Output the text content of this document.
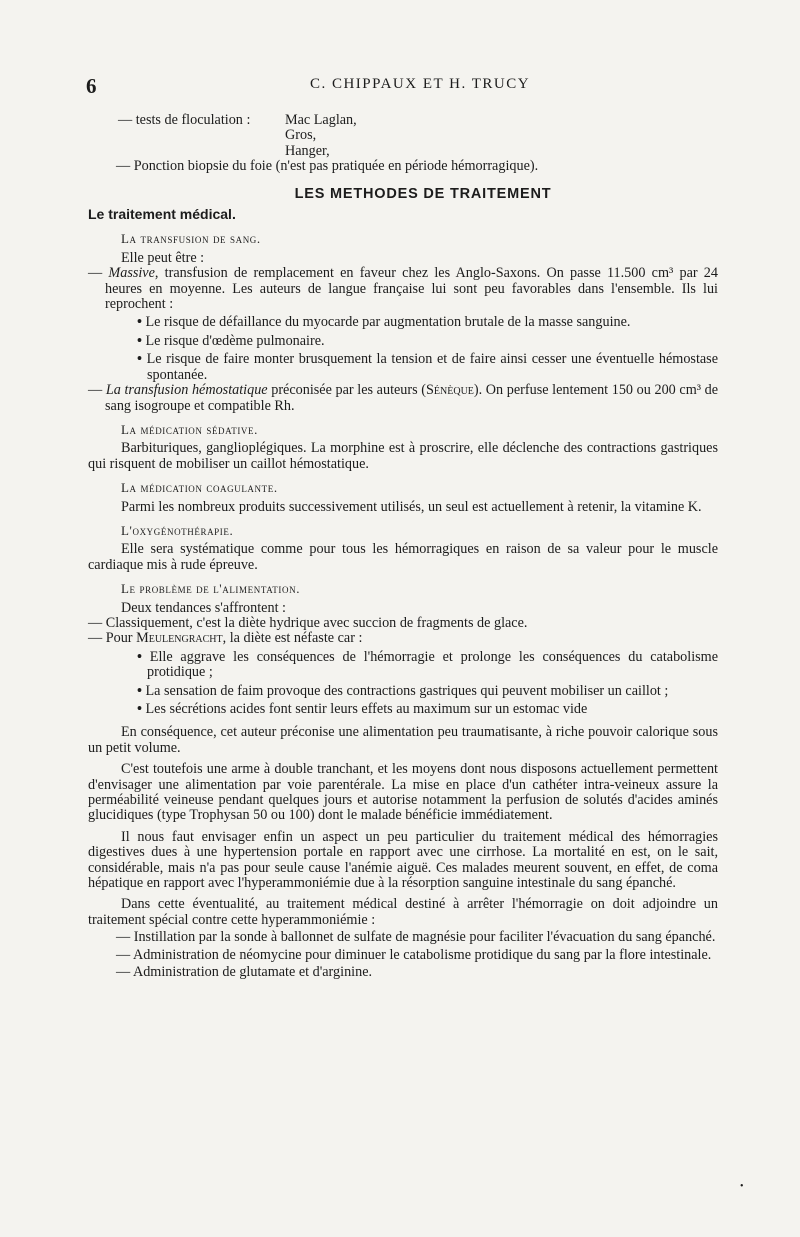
6	C. CHIPPAUX ET H. TRUCY
— tests de floculation :	Mac Laglan,
Gros,
Hanger,

— Ponction biopsie du foie (n'est pas pratiquée en période hémorragique).

LES METHODES DE TRAITEMENT
Le traitement médical.
La transfusion de sang.

Elle peut être :

— Massive, transfusion de remplacement en faveur chez les Anglo-Saxons. On passe 11.500 cm³ par 24 heures en moyenne. Les auteurs de langue française lui sont peu favorables dans l'ensemble. Ils lui reprochent :

• Le risque de défaillance du myocarde par augmentation brutale de la masse sanguine.

• Le risque d'œdème pulmonaire.

• Le risque de faire monter brusquement la tension et de faire ainsi cesser une éventuelle hémostase spontanée.

— La transfusion hémostatique préconisée par les auteurs (Sénèque). On perfuse lentement 150 ou 200 cm³ de sang isogroupe et compatible Rh.

La médication sédative.

Barbituriques, ganglioplégiques. La morphine est à proscrire, elle déclenche des contractions gastriques qui risquent de mobiliser un caillot hémostatique.

La médication coagulante.

Parmi les nombreux produits successivement utilisés, un seul est actuellement à retenir, la vitamine K.

L'oxygénothérapie.

Elle sera systématique comme pour tous les hémorragiques en raison de sa valeur pour le muscle cardiaque mis à rude épreuve.

Le problème de l'alimentation.

Deux tendances s'affrontent :

— Classiquement, c'est la diète hydrique avec succion de fragments de glace.

— Pour Meulengracht, la diète est néfaste car :

• Elle aggrave les conséquences de l'hémorragie et prolonge les conséquences du catabolisme protidique ;

• La sensation de faim provoque des contractions gastriques qui peuvent mobiliser un caillot ;

• Les sécrétions acides font sentir leurs effets au maximum sur un estomac vide

En conséquence, cet auteur préconise une alimentation peu traumatisante, à riche pouvoir calorique sous un petit volume.

C'est toutefois une arme à double tranchant, et les moyens dont nous disposons actuellement permettent d'envisager une alimentation par voie parentérale. La mise en place d'un cathéter intra-veineux assure la perméabilité veineuse pendant quelques jours et autorise notamment la perfusion de solutés d'acides aminés glucidiques (type Trophysan 50 ou 100) dont le malade bénéficie immédiatement.

Il nous faut envisager enfin un aspect un peu particulier du traitement médical des hémorragies digestives dues à une hypertension portale en rapport avec une cirrhose. La mortalité en est, on le sait, considérable, mais n'a pas pour seule cause l'anémie aiguë. Ces malades meurent souvent, en effet, de coma hépatique en rapport avec l'hyperammoniémie due à la résorption sanguine intestinale du sang épanché.

Dans cette éventualité, au traitement médical destiné à arrêter l'hémorragie on doit adjoindre un traitement spécial contre cette hyperammoniémie :

— Instillation par la sonde à ballonnet de sulfate de magnésie pour faciliter l'évacuation du sang épanché.

— Administration de néomycine pour diminuer le catabolisme protidique du sang par la flore intestinale.

— Administration de glutamate et d'arginine.

•
